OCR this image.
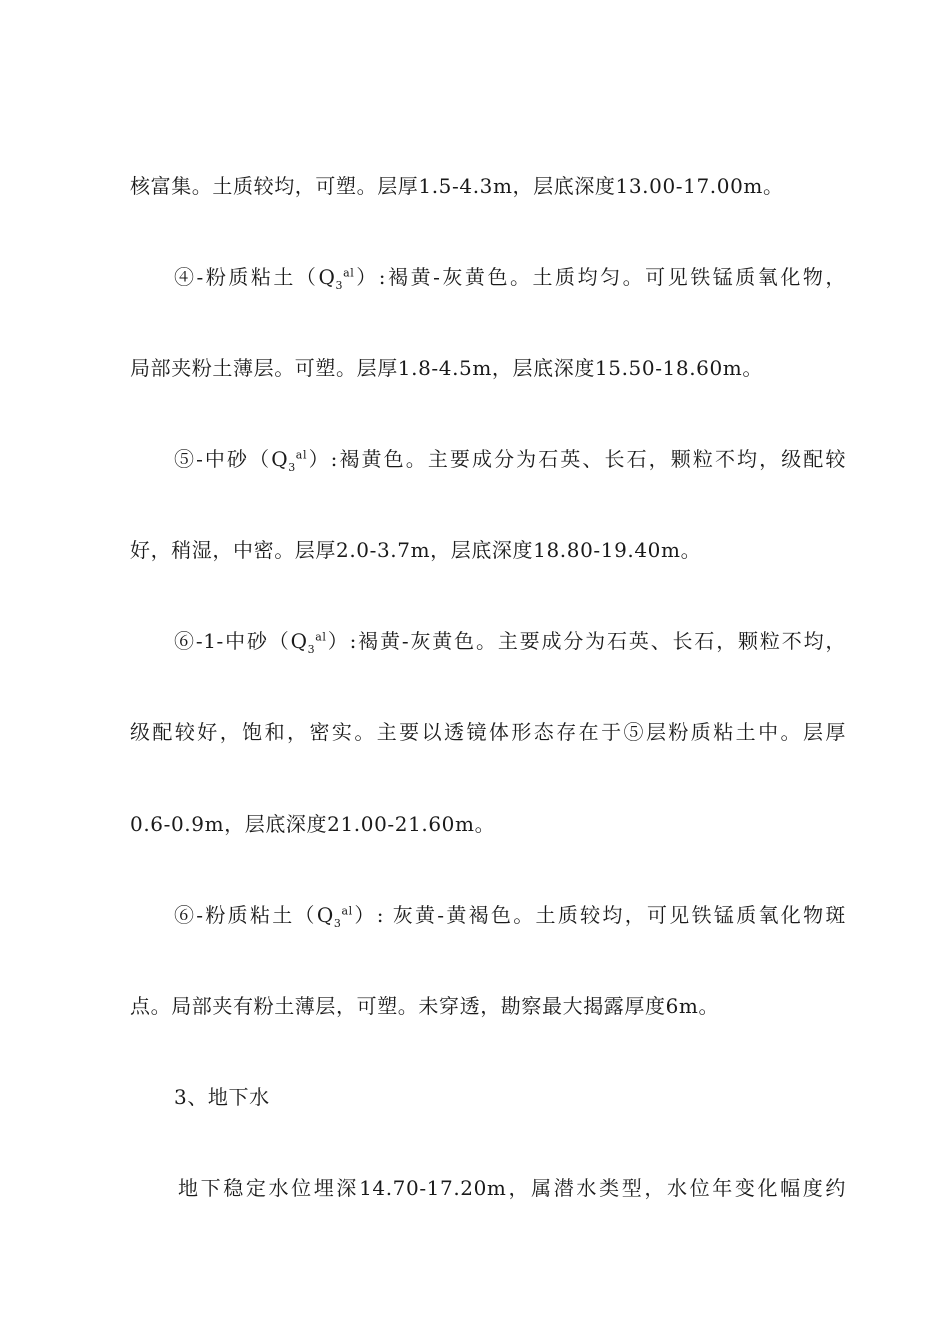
核富集。土质较均，可塑。层厚1.5-4.3m，层底深度13.00-17.00m。
④-粉质粘土$(Q_3^{al})$:褐黄-灰黄色。土质均匀。可见铁锰质氧化物，
局部夹粉土薄层。可塑。层厚1.8-4.5m，层底深度15.50-18.60m。
⑤-中砂$(Q_3^{al})$:褐黄色。主要成分为石英、长石，颗粒不均，级配较
好，稍湿，中密。层厚2.0-3.7m，层底深度18.80-19.40m。
⑥-1-中砂$(Q_3^{al})$:褐黄-灰黄色。主要成分为石英、长石，颗粒不均，
级配较好，饱和，密实。主要以透镜体形态存在于⑤层粉质粘土中。层厚
0.6-0.9m，层底深度21.00-21.60m。
⑥-粉质粘土$(Q_3^{al})$: 灰黄-黄褐色。土质较均，可见铁锰质氧化物斑
点。局部夹有粉土薄层，可塑。未穿透，勘察最大揭露厚度6m。
3、地下水
地下稳定水位埋深14.70-17.20m，属潜水类型，水位年变化幅度约
